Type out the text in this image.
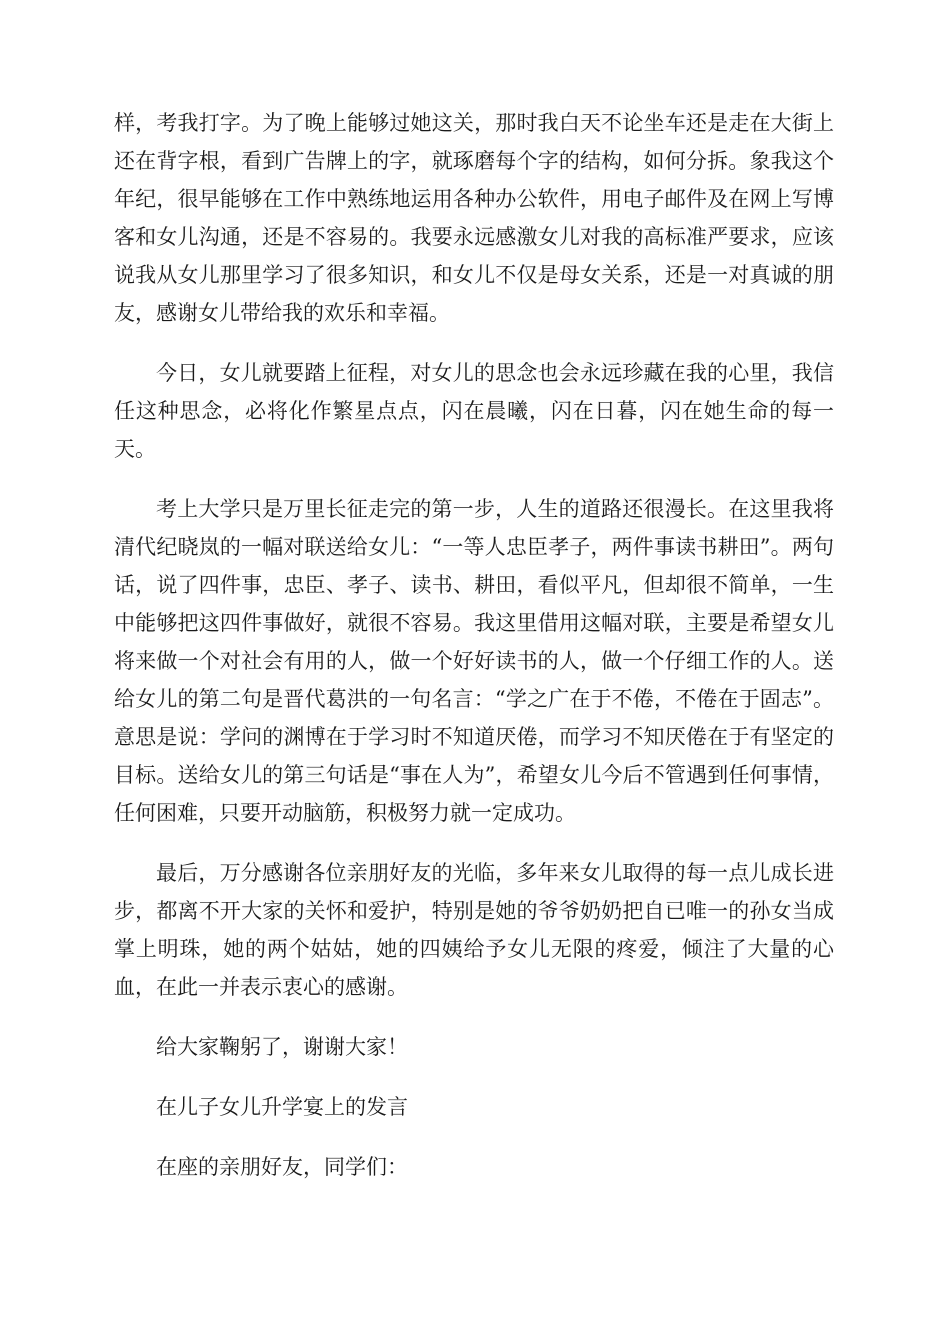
样，考我打字。为了晚上能够过她这关，那时我白天不论坐车还是走在大街上还在背字根，看到广告牌上的字，就琢磨每个字的结构，如何分拆。象我这个年纪，很早能够在工作中熟练地运用各种办公软件，用电子邮件及在网上写博客和女儿沟通，还是不容易的。我要永远感激女儿对我的高标准严要求，应该说我从女儿那里学习了很多知识，和女儿不仅是母女关系，还是一对真诚的朋友，感谢女儿带给我的欢乐和幸福。

今日，女儿就要踏上征程，对女儿的思念也会永远珍藏在我的心里，我信任这种思念，必将化作繁星点点，闪在晨曦，闪在日暮，闪在她生命的每一天。

考上大学只是万里长征走完的第一步，人生的道路还很漫长。在这里我将清代纪晓岚的一幅对联送给女儿：“一等人忠臣孝子，两件事读书耕田”。两句话，说了四件事，忠臣、孝子、读书、耕田，看似平凡，但却很不简单，一生中能够把这四件事做好，就很不容易。我这里借用这幅对联，主要是希望女儿将来做一个对社会有用的人，做一个好好读书的人，做一个仔细工作的人。送给女儿的第二句是晋代葛洪的一句名言：“学之广在于不倦，不倦在于固志”。意思是说：学问的渊博在于学习时不知道厌倦，而学习不知厌倦在于有坚定的目标。送给女儿的第三句话是“事在人为”，希望女儿今后不管遇到任何事情，任何困难，只要开动脑筋，积极努力就一定成功。

最后，万分感谢各位亲朋好友的光临，多年来女儿取得的每一点儿成长进步，都离不开大家的关怀和爱护，特别是她的爷爷奶奶把自已唯一的孙女当成掌上明珠，她的两个姑姑，她的四姨给予女儿无限的疼爱，倾注了大量的心血，在此一并表示衷心的感谢。

给大家鞠躬了，谢谢大家！

在儿子女儿升学宴上的发言

在座的亲朋好友，同学们：
